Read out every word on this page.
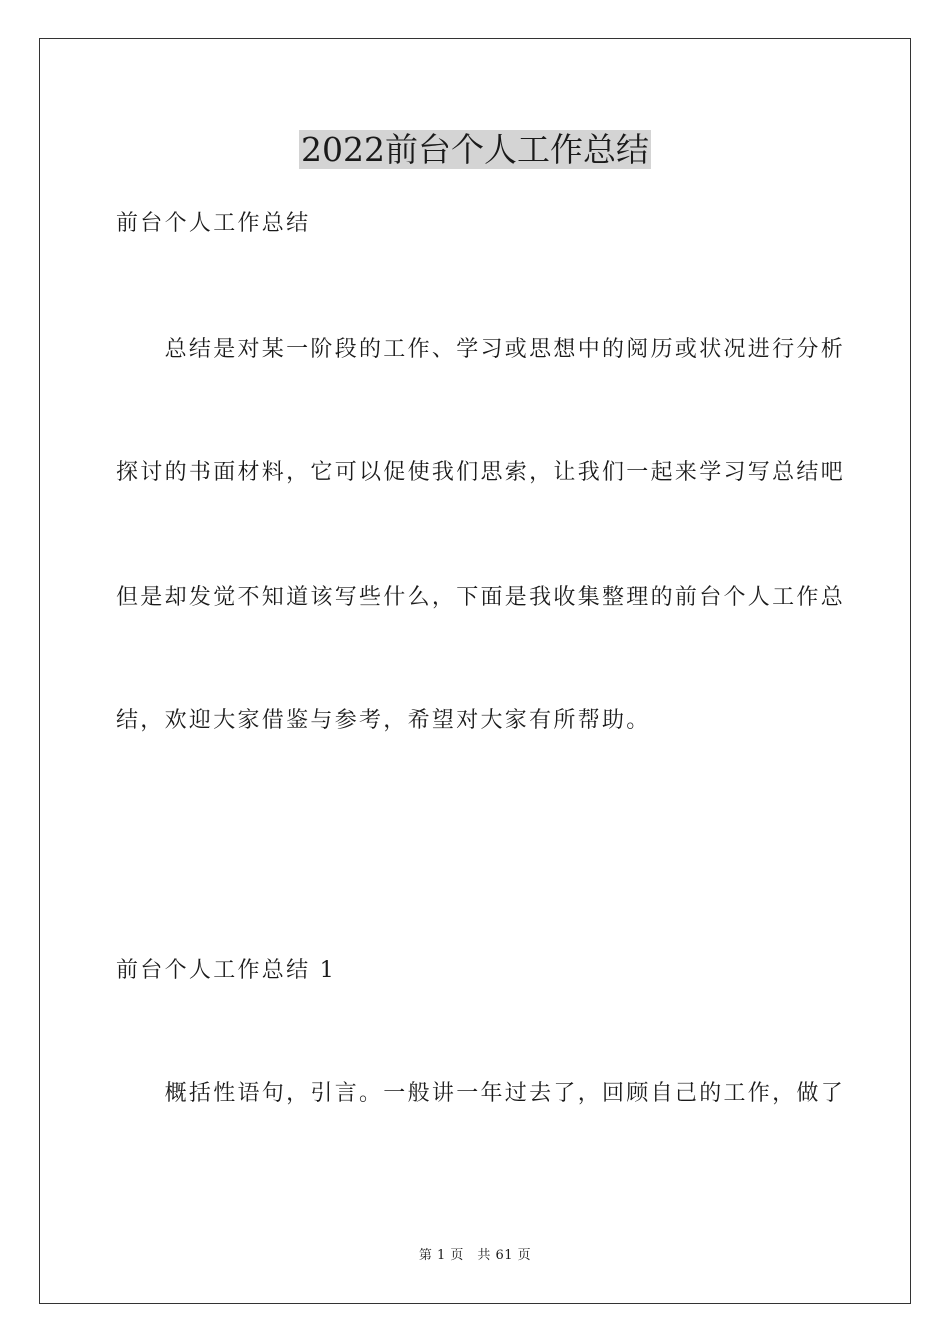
2022前台个人工作总结
前台个人工作总结
　　总结是对某一阶段的工作、学习或思想中的阅历或状况进行分析
探讨的书面材料，它可以促使我们思索，让我们一起来学习写总结吧
但是却发觉不知道该写些什么，下面是我收集整理的前台个人工作总
结，欢迎大家借鉴与参考，希望对大家有所帮助。
前台个人工作总结 1
　　概括性语句，引言。一般讲一年过去了，回顾自己的工作，做了
第 1 页　共 61 页
